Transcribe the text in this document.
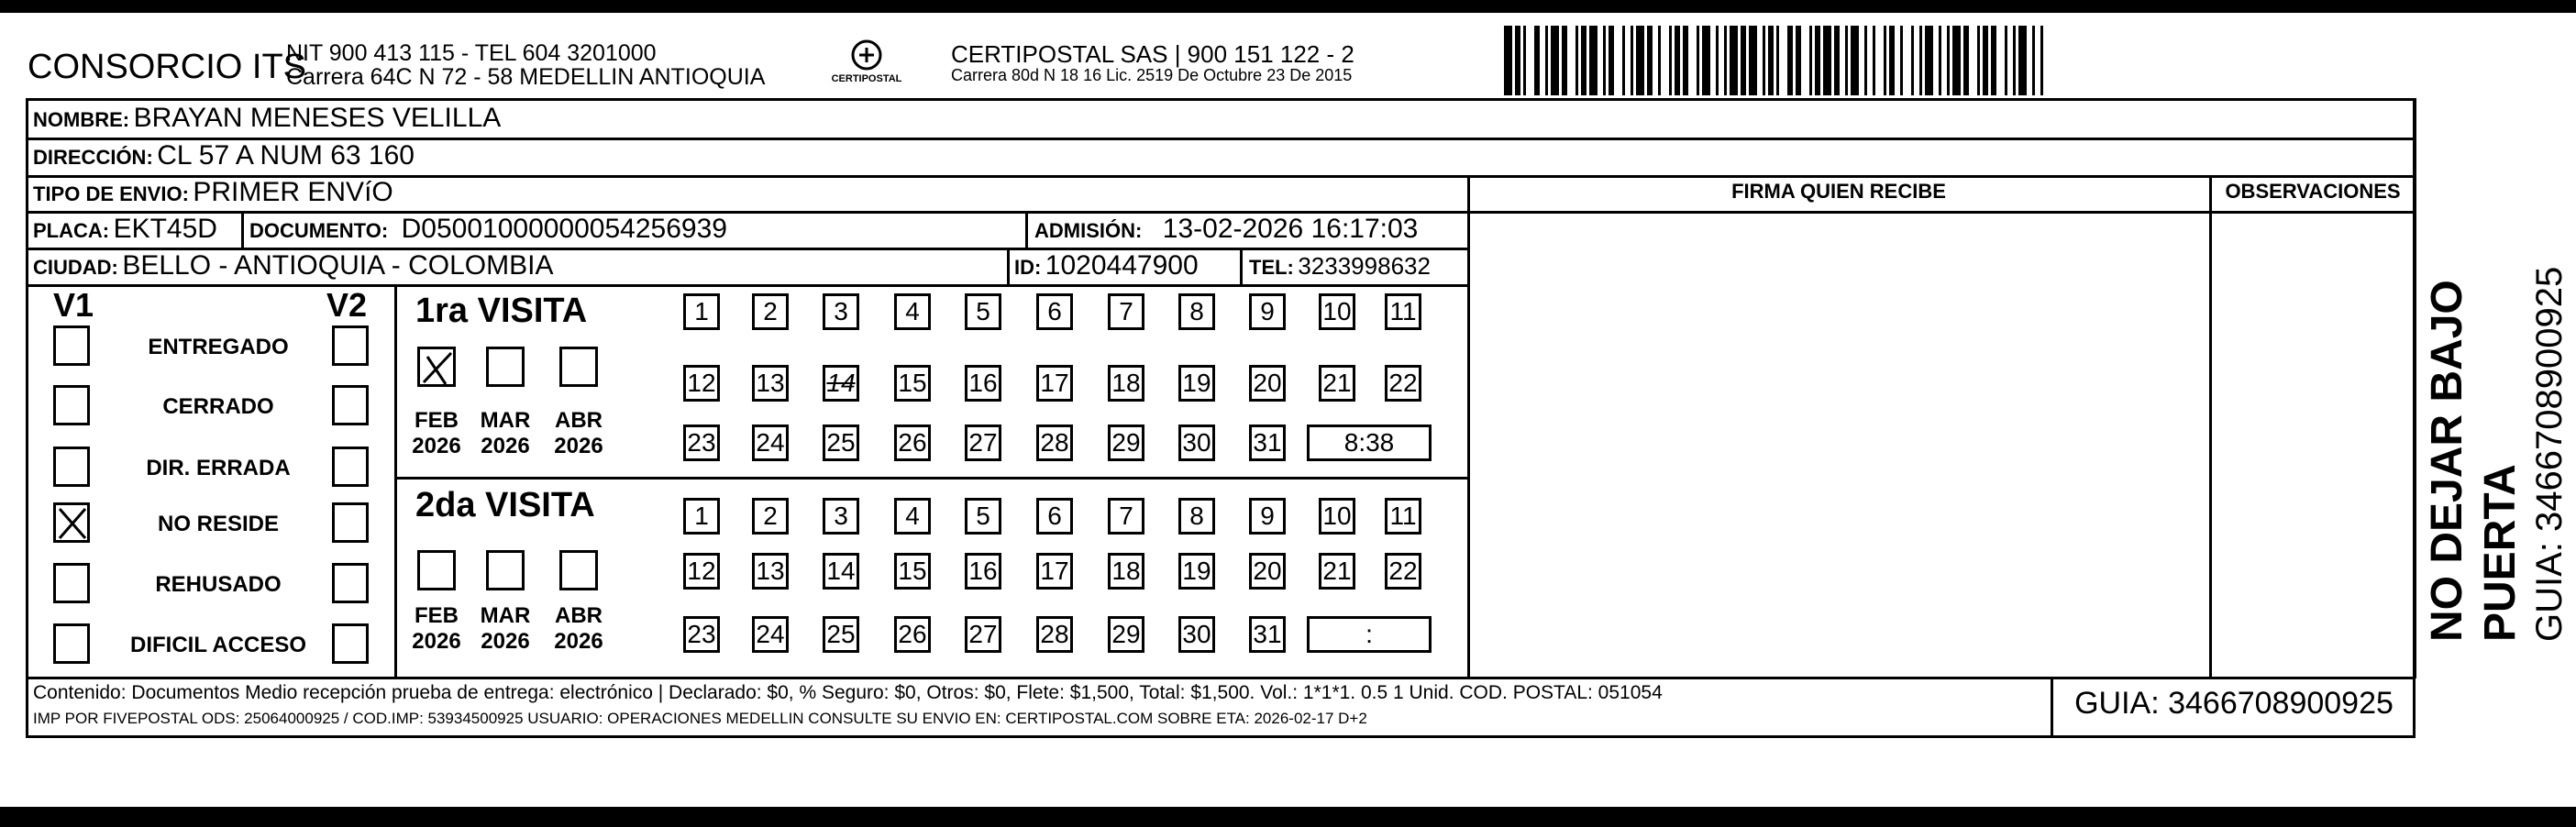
CONSORCIO ITS
NIT 900 413 115 - TEL 604 3201000
Carrera 64C N 72 - 58 MEDELLIN ANTIOQUIA	CERTIPOSTAL
CERTIPOSTAL SAS | 900 151 122 - 2
Carrera 80d N 18 16 Lic. 2519 De Octubre 23 De 2015
NOMBRE: BRAYAN MENESES VELILLA
DIRECCIÓN: CL 57 A NUM 63 160
TIPO DE ENVIO: PRIMER ENVíO
PLACA: EKT45D DOCUMENTO: D05001000000054256939	ADMISIÓN: 13-02-2026 16:17:03
CIUDAD: BELLO - ANTIOQUIA - COLOMBIA	ID: 1020447900	TEL: 3233998632
FIRMA QUIEN RECIBE	OBSERVACIONES
V1	V2
ENTREGADO
CERRADO
DIR. ERRADA
NO RESIDE
REHUSADO
DIFICIL ACCESO
1ra VISITA
2da VISITA
FEB
2026
MAR
2026
ABR
2026
FEB
2026
MAR
2026
ABR
2026
1	2	3	4	5	6	7	8	9	10 11
12 13 14 15 16 17 18 19 20 21 22
23 24 25 26 27 28 29 30 31	8:38
1	2	3	4	5	6	7	8	9	10 11
12 13 14 15 16 17 18 19 20 21 22
23 24 25 26 27 28 29 30 31	:	NO DEJAR BAJO PUERTA GUIA: 3466708900925
Contenido: Documentos Medio recepción prueba de entrega: electrónico | Declarado: $0, % Seguro: $0, Otros: $0, Flete: $1,500, Total: $1,500. Vol.: 1*1*1. 0.5 1 Unid. COD. POSTAL: 051054
IMP POR FIVEPOSTAL ODS: 25064000925 / COD.IMP: 53934500925 USUARIO: OPERACIONES MEDELLIN CONSULTE SU ENVIO EN: CERTIPOSTAL.COM SOBRE ETA: 2026-02-17 D+2	GUIA: 3466708900925
